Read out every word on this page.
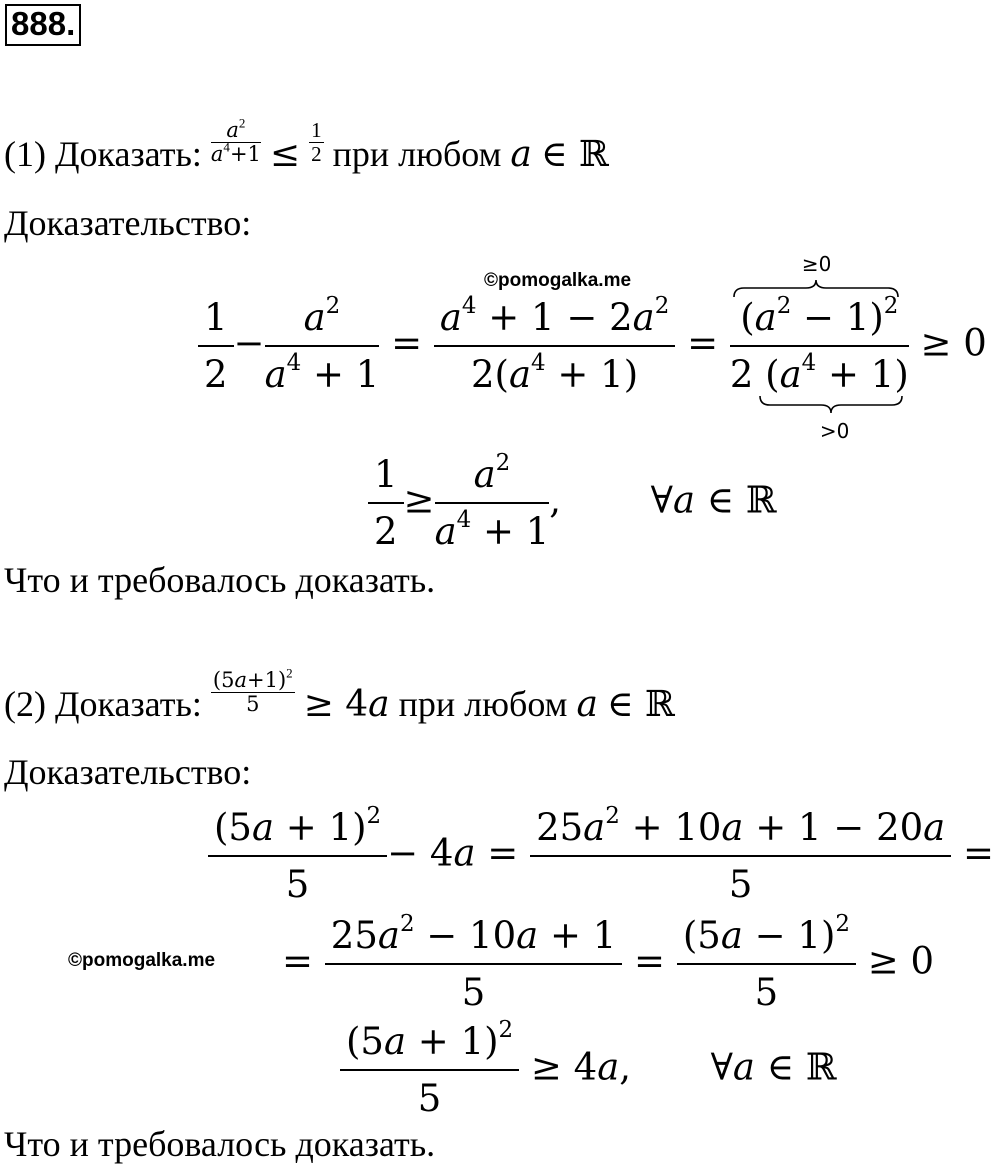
888.
(1) Доказать: $\frac{a^2}{a^4+1} \le \frac{1}{2}$ при любом a ∈ ℝ
Доказательство:
©pomogalka.me
$\frac{1}{2} - \frac{a^2}{a^4 + 1} = \frac{a^4 + 1 - 2a^2}{2(a^4 + 1)} = (a^2 - 1)^2$
≥0
2 $(a^4 + 1)$
>0 ≥ 0
$\frac{1}{2} \ge \frac{a^2}{a^4 + 1}$ , ∀a ∈ ℝ
Что и требовалось доказать.
(2) Доказать: $\frac{(5a+1)^2}{5} \ge 4a$ при любом a ∈ ℝ
Доказательство:
$\frac{(5a + 1)^2}{5} - 4a = \frac{25a^2 + 10a + 1 - 20a}{5}$ =
©pomogalka.me = $\frac{25a^2 - 10a + 1}{5} = \frac{(5a - 1)^2}{5} \ge 0$
$\frac{(5a + 1)^2}{5} \ge 4a$, ∀a ∈ ℝ
Что и требовалось доказать.
